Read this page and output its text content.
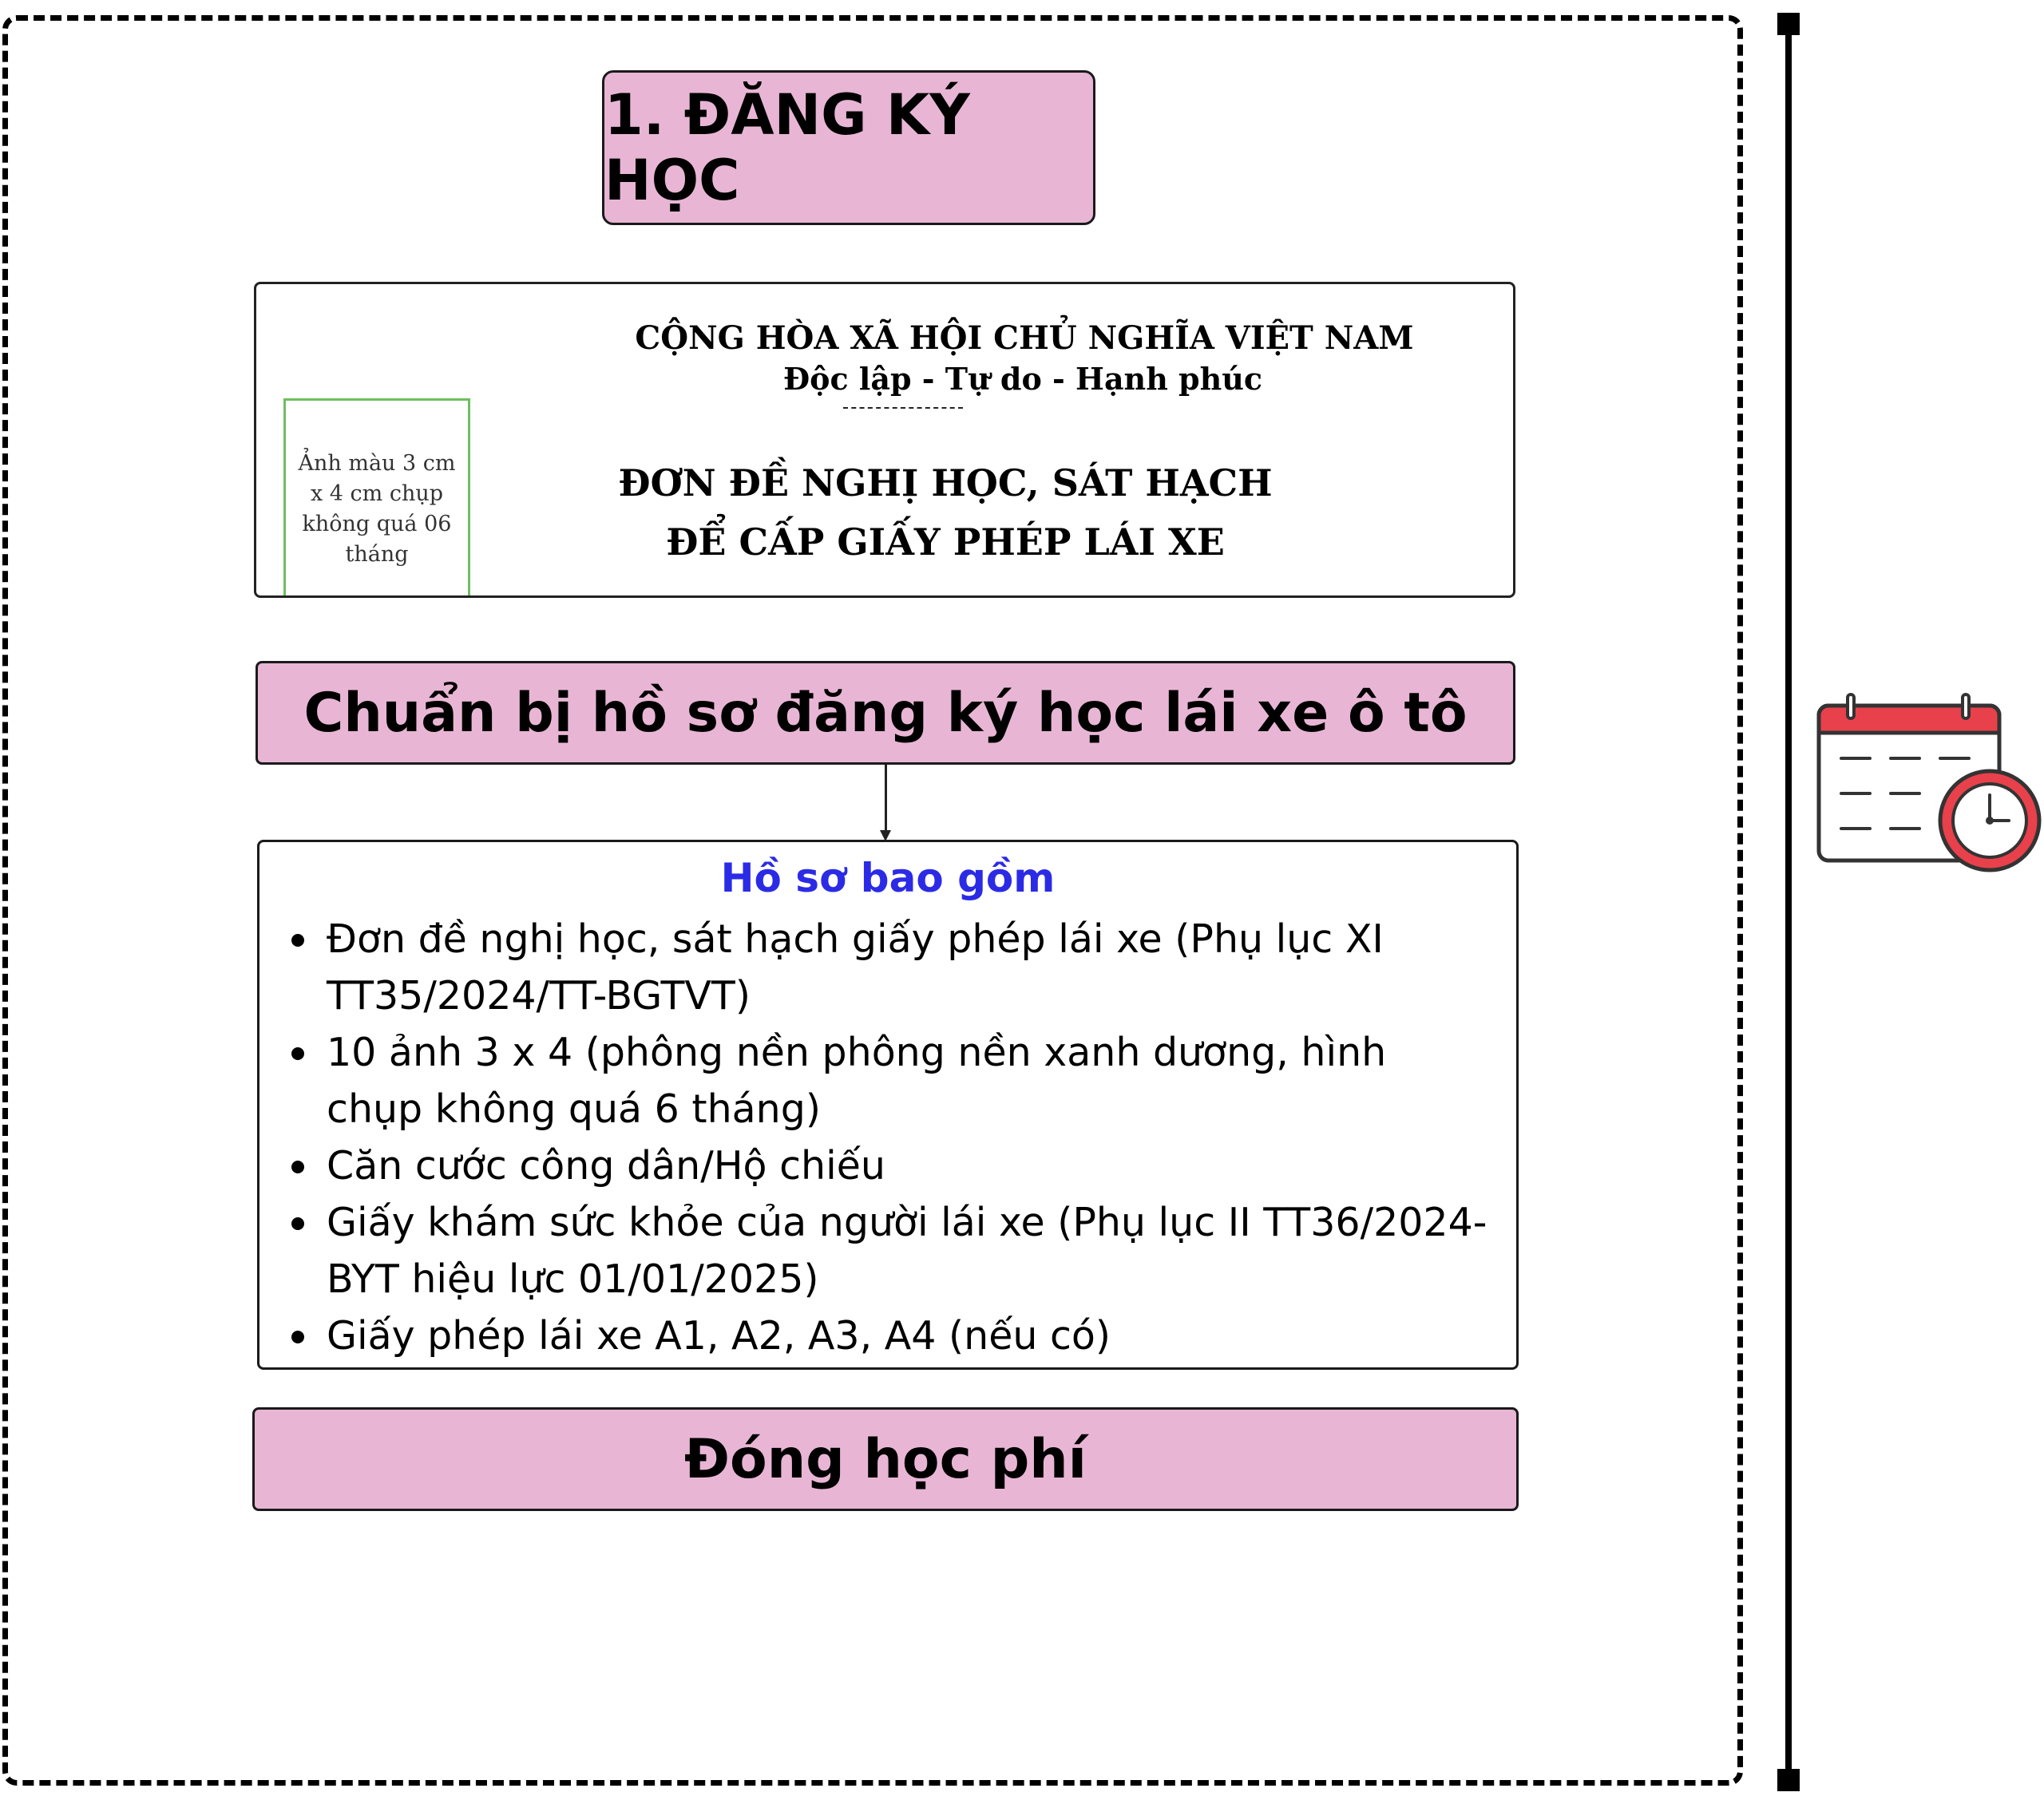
1. ĐĂNG KÝ HỌC
CỘNG HÒA XÃ HỘI CHỦ NGHĨA VIỆT NAM
Độc lập - Tự do - Hạnh phúc
Ảnh màu 3 cm x 4 cm chụp không quá 06 tháng
ĐƠN ĐỀ NGHỊ HỌC, SÁT HẠCH
ĐỂ CẤP GIẤY PHÉP LÁI XE
Chuẩn bị hồ sơ đăng ký học lái xe ô tô
Hồ sơ bao gồm
Đơn đề nghị học, sát hạch giấy phép lái xe (Phụ lục XI TT35/2024/TT-BGTVT)
10 ảnh 3 x 4 (phông nền phông nền xanh dương, hình chụp không quá 6 tháng)
Căn cước công dân/Hộ chiếu
Giấy khám sức khỏe của người lái xe (Phụ lục II TT36/2024-BYT hiệu lực 01/01/2025)
Giấy phép lái xe A1, A2, A3, A4 (nếu có)
Đóng học phí
